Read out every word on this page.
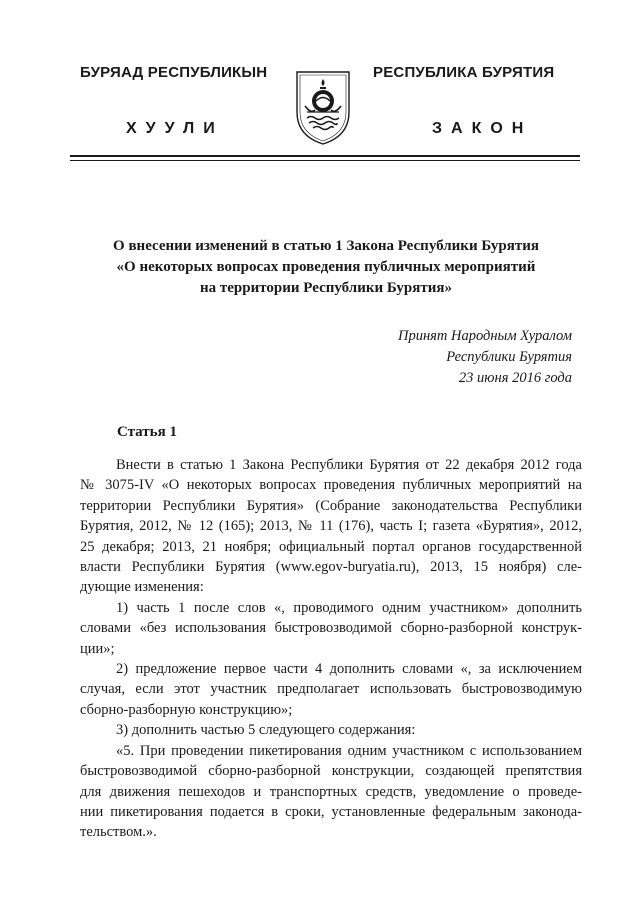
БУРЯАД РЕСПУБЛИКЫН
ХУУЛИ
РЕСПУБЛИКА БУРЯТИЯ
ЗАКОН
О внесении изменений в статью 1 Закона Республики Бурятия
«О некоторых вопросах проведения публичных мероприятий
на территории Республики Бурятия»
Принят Народным Хуралом
Республики Бурятия
23 июня 2016 года
Статья 1
Внести в статью 1 Закона Республики Бурятия от 22 декабря 2012 года
№ 3075-IV «О некоторых вопросах проведения публичных мероприятий на
территории Республики Бурятия» (Собрание законодательства Республики
Бурятия, 2012, № 12 (165); 2013, № 11 (176), часть I; газета «Бурятия», 2012,
25 декабря; 2013, 21 ноября; официальный портал органов государственной
власти Республики Бурятия (www.egov-buryatia.ru), 2013, 15 ноября) сле-
дующие изменения:
1) часть 1 после слов «, проводимого одним участником» дополнить
словами «без использования быстровозводимой сборно-разборной конструк-
ции»;
2) предложение первое части 4 дополнить словами «, за исключением
случая, если этот участник предполагает использовать быстровозводимую
сборно-разборную конструкцию»;
3) дополнить частью 5 следующего содержания:
«5. При проведении пикетирования одним участником с использованием
быстровозводимой сборно-разборной конструкции, создающей препятствия
для движения пешеходов и транспортных средств, уведомление о проведе-
нии пикетирования подается в сроки, установленные федеральным законода-
тельством.».
